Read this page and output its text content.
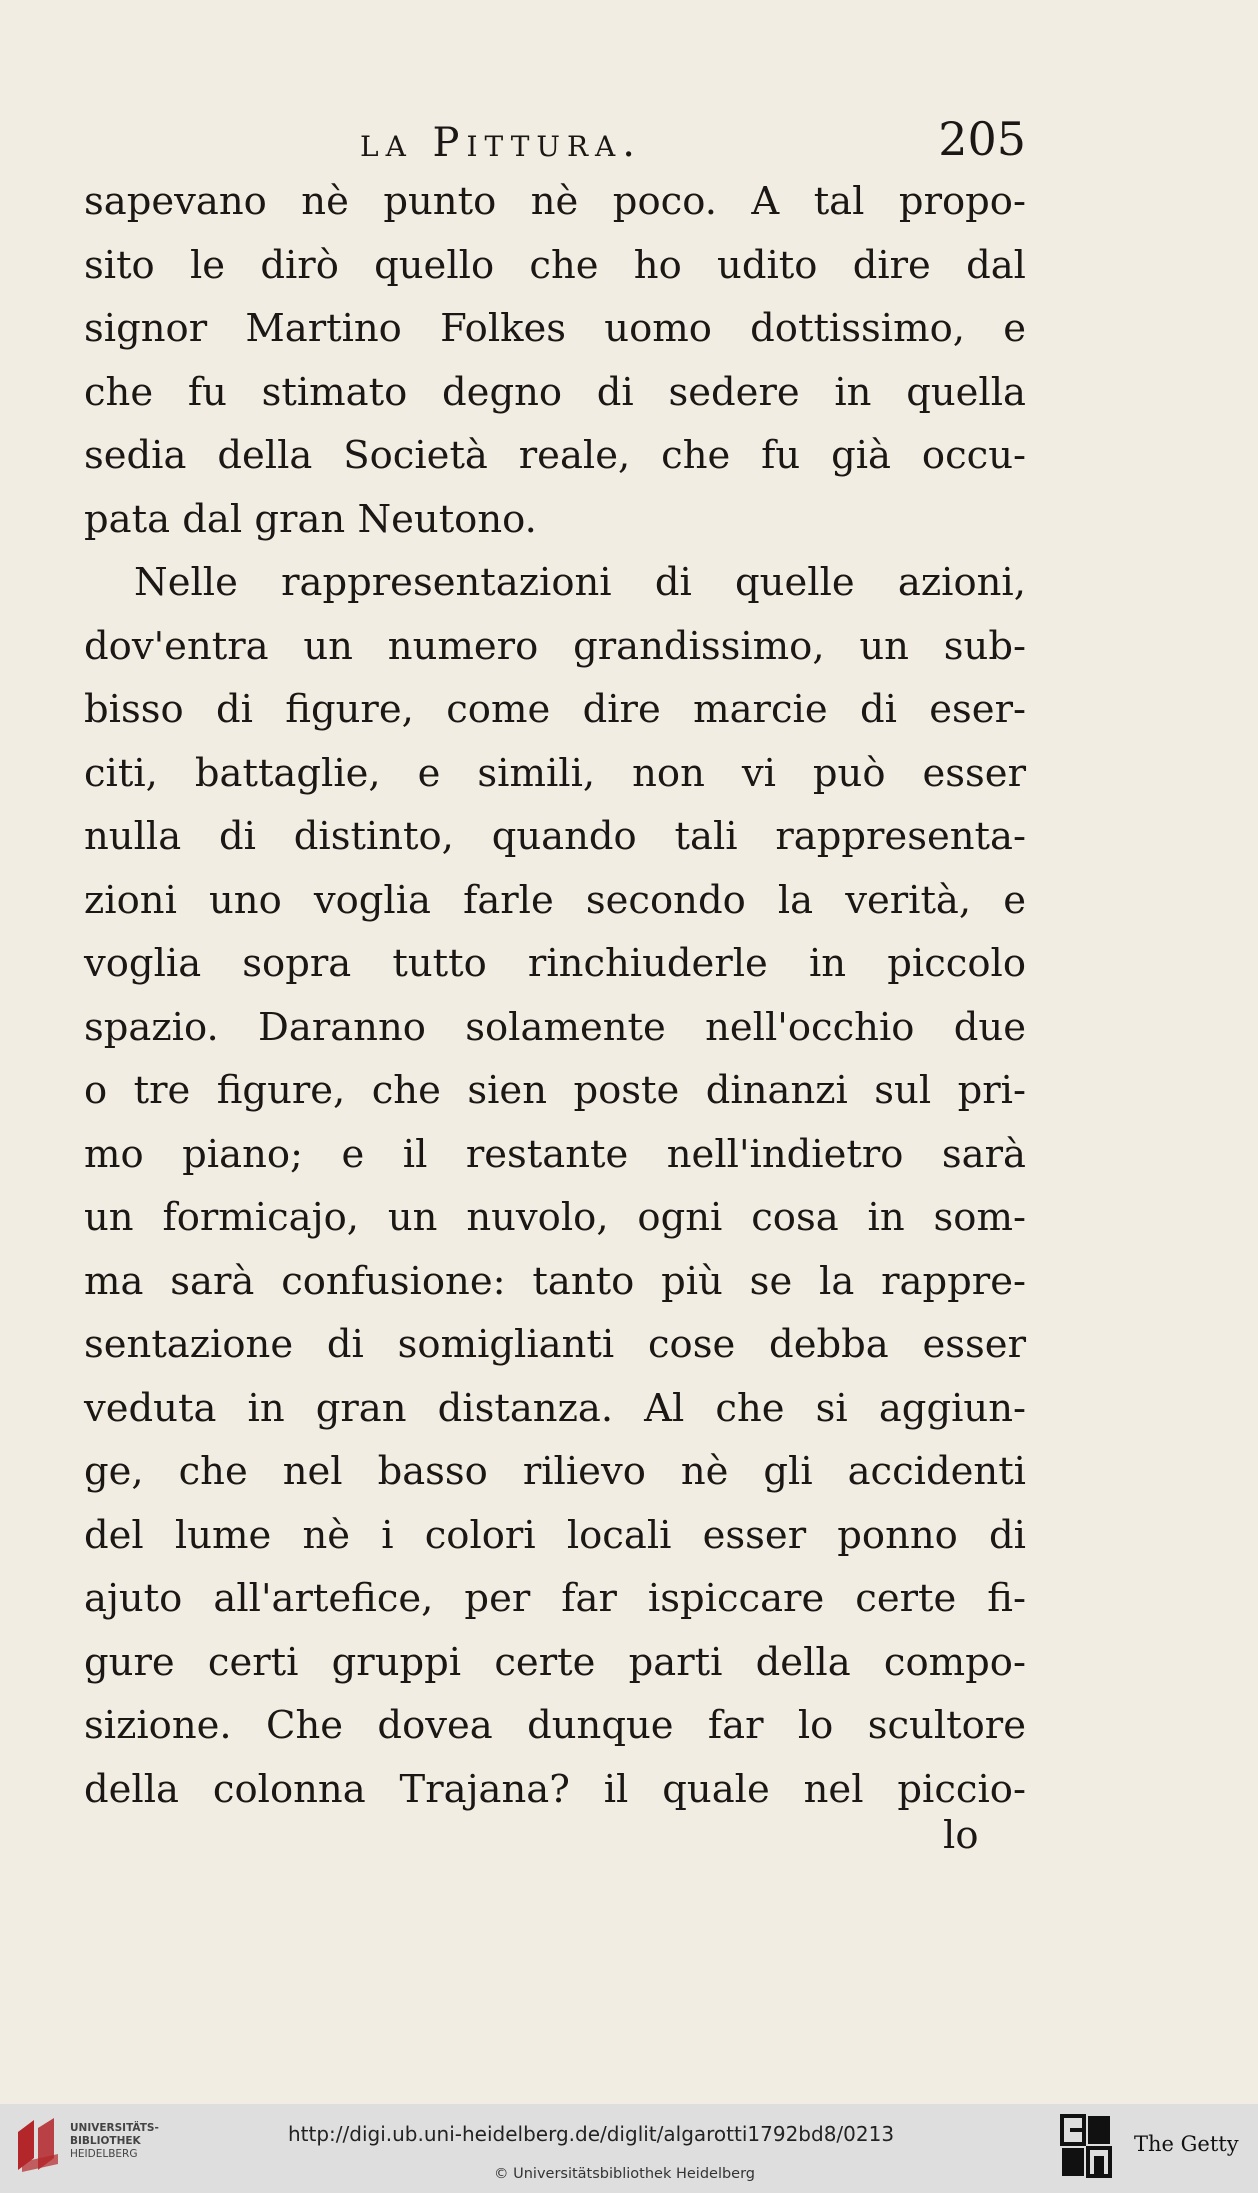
la Pittura.	205
sapevano nè punto nè poco. A tal propo-
sito le dirò quello che ho udito dire dal
signor Martino Folkes uomo dottissimo, e
che fu stimato degno di sedere in quella
sedia della Società reale, che fu già occu-
pata dal gran Neutono.
Nelle rappresentazioni di quelle azioni,
dov'entra un numero grandissimo, un sub-
bisso di figure, come dire marcie di eser-
citi, battaglie, e simili, non vi può esser
nulla di distinto, quando tali rappresenta-
zioni uno voglia farle secondo la verità, e
voglia sopra tutto rinchiuderle in piccolo
spazio. Daranno solamente nell'occhio due
o tre figure, che sien poste dinanzi sul pri-
mo piano; e il restante nell'indietro sarà
un formicajo, un nuvolo, ogni cosa in som-
ma sarà confusione: tanto più se la rappre-
sentazione di somiglianti cose debba esser
veduta in gran distanza. Al che si aggiun-
ge, che nel basso rilievo nè gli accidenti
del lume nè i colori locali esser ponno di
ajuto all'artefice, per far ispiccare certe fi-
gure certi gruppi certe parti della compo-
sizione. Che dovea dunque far lo scultore
della colonna Trajana? il quale nel piccio-
lo
UNIVERSITÄTS-
BIBLIOTHEK
HEIDELBERG
http://digi.ub.uni-heidelberg.de/diglit/algarotti1792bd8/0213
© Universitätsbibliothek Heidelberg
The Getty
